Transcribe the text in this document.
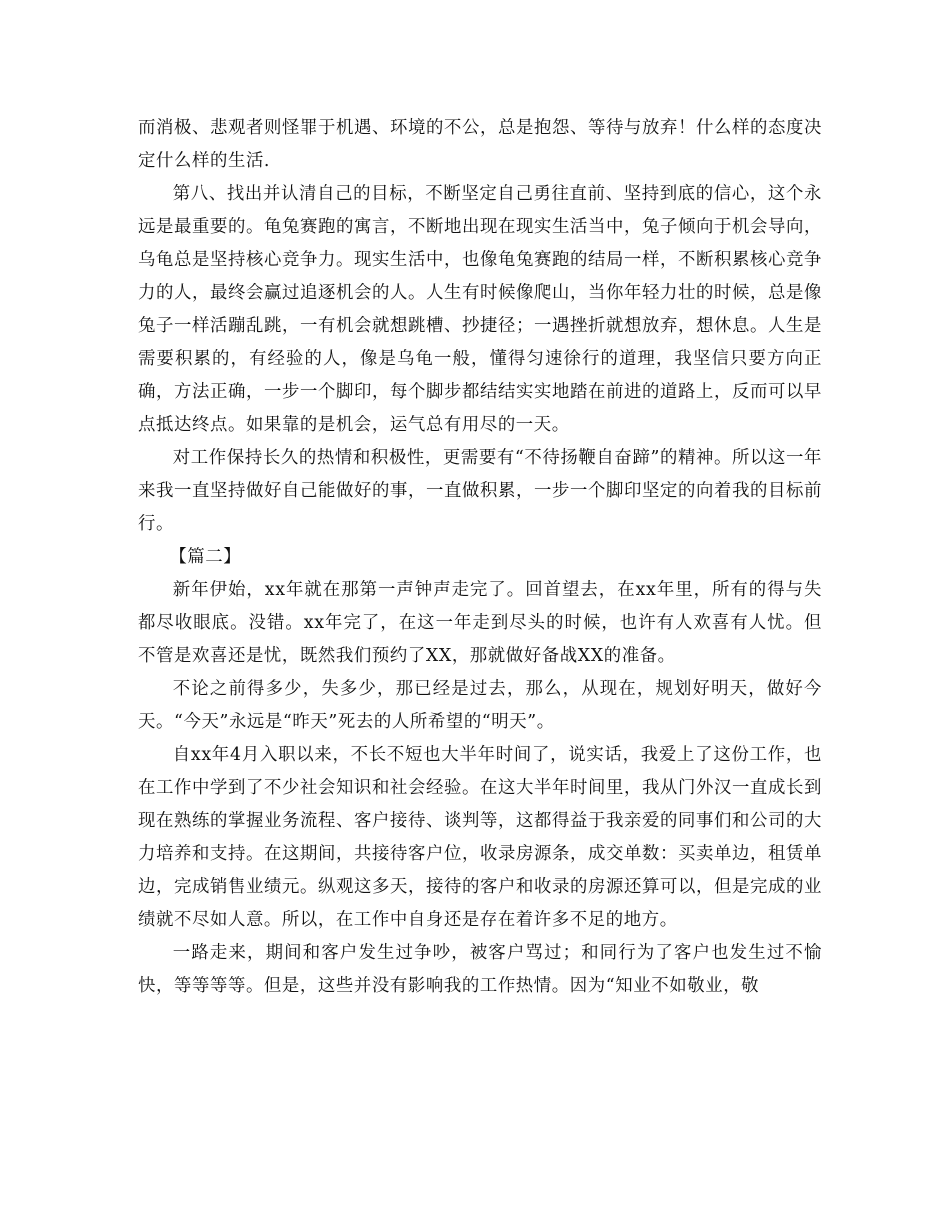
而消极、悲观者则怪罪于机遇、环境的不公，总是抱怨、等待与放弃！什么样的态度决定什么样的生活.

第八、找出并认清自己的目标，不断坚定自己勇往直前、坚持到底的信心，这个永远是最重要的。龟兔赛跑的寓言，不断地出现在现实生活当中，兔子倾向于机会导向，乌龟总是坚持核心竞争力。现实生活中，也像龟兔赛跑的结局一样，不断积累核心竞争力的人，最终会赢过追逐机会的人。人生有时候像爬山，当你年轻力壮的时候，总是像兔子一样活蹦乱跳，一有机会就想跳槽、抄捷径；一遇挫折就想放弃，想休息。人生是需要积累的，有经验的人，像是乌龟一般，懂得匀速徐行的道理，我坚信只要方向正确，方法正确，一步一个脚印，每个脚步都结结实实地踏在前进的道路上，反而可以早点抵达终点。如果靠的是机会，运气总有用尽的一天。

对工作保持长久的热情和积极性，更需要有“不待扬鞭自奋蹄”的精神。所以这一年来我一直坚持做好自己能做好的事，一直做积累，一步一个脚印坚定的向着我的目标前行。

【篇二】

新年伊始，xx年就在那第一声钟声走完了。回首望去，在xx年里，所有的得与失都尽收眼底。没错。xx年完了，在这一年走到尽头的时候，也许有人欢喜有人忧。但不管是欢喜还是忧，既然我们预约了XX，那就做好备战XX的准备。

不论之前得多少，失多少，那已经是过去，那么，从现在，规划好明天，做好今天。“今天”永远是“昨天”死去的人所希望的“明天”。

自xx年4月入职以来，不长不短也大半年时间了，说实话，我爱上了这份工作，也在工作中学到了不少社会知识和社会经验。在这大半年时间里，我从门外汉一直成长到现在熟练的掌握业务流程、客户接待、谈判等，这都得益于我亲爱的同事们和公司的大力培养和支持。在这期间，共接待客户位，收录房源条，成交单数：买卖单边，租赁单边，完成销售业绩元。纵观这多天，接待的客户和收录的房源还算可以，但是完成的业绩就不尽如人意。所以，在工作中自身还是存在着许多不足的地方。

一路走来，期间和客户发生过争吵，被客户骂过；和同行为了客户也发生过不愉快，等等等等。但是，这些并没有影响我的工作热情。因为“知业不如敬业，敬
